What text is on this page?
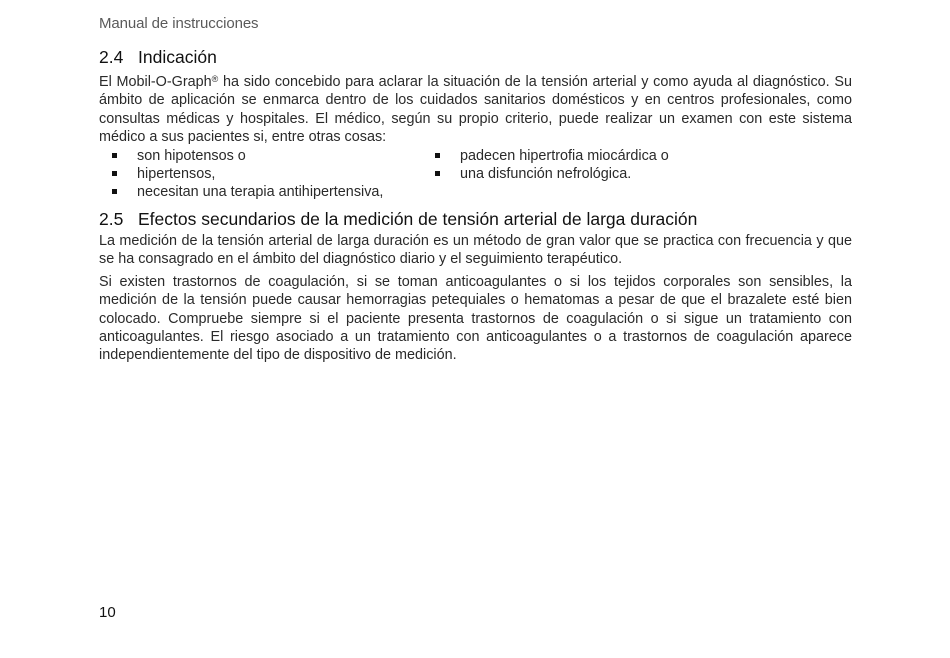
Manual de instrucciones
2.4 Indicación

El Mobil-O-Graph® ha sido concebido para aclarar la situación de la tensión arterial y como ayuda al diagnóstico. Su ámbito de aplicación se enmarca dentro de los cuidados sanitarios domésticos y en centros profesionales, como consultas médicas y hospitales. El médico, según su propio criterio, puede realizar un examen con este sistema médico a sus pacientes si, entre otras cosas:

son hipotensos o
hipertensos,
necesitan una terapia antihipertensiva,
padecen hipertrofia miocárdica o
una disfunción nefrológica.
2.5 Efectos secundarios de la medición de tensión arterial de larga duración

La medición de la tensión arterial de larga duración es un método de gran valor que se practica con frecuencia y que se ha consagrado en el ámbito del diagnóstico diario y el seguimiento terapéutico.

Si existen trastornos de coagulación, si se toman anticoagulantes o si los tejidos corporales son sensibles, la medición de la tensión puede causar hemorragias petequiales o hematomas a pesar de que el brazalete esté bien colocado. Compruebe siempre si el paciente presenta trastornos de coagulación o si sigue un tratamiento con anticoagulantes. El riesgo asociado a un tratamiento con anticoagulantes o a trastornos de coagulación aparece independientemente del tipo de dispositivo de medición.

10
